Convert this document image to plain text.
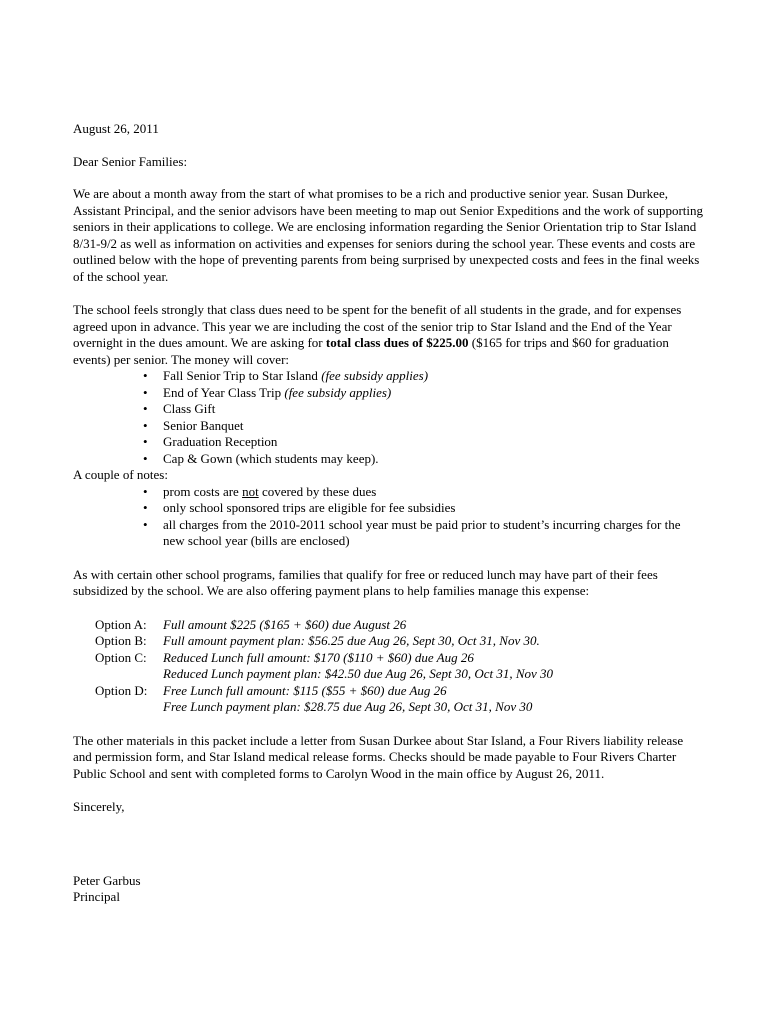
August 26, 2011

Dear Senior Families:

We are about a month away from the start of what promises to be a rich and productive senior year. Susan Durkee, Assistant Principal, and the senior advisors have been meeting to map out Senior Expeditions and the work of supporting seniors in their applications to college. We are enclosing information regarding the Senior Orientation trip to Star Island 8/31-9/2 as well as information on activities and expenses for seniors during the school year. These events and costs are outlined below with the hope of preventing parents from being surprised by unexpected costs and fees in the final weeks of the school year.

The school feels strongly that class dues need to be spent for the benefit of all students in the grade, and for expenses agreed upon in advance. This year we are including the cost of the senior trip to Star Island and the End of the Year overnight in the dues amount. We are asking for total class dues of $225.00 ($165 for trips and $60 for graduation events) per senior. The money will cover:

• Fall Senior Trip to Star Island (fee subsidy applies)
• End of Year Class Trip (fee subsidy applies)
• Class Gift
• Senior Banquet
• Graduation Reception
• Cap & Gown (which students may keep).

A couple of notes:

• prom costs are not covered by these dues
• only school sponsored trips are eligible for fee subsidies
• all charges from the 2010-2011 school year must be paid prior to student’s incurring charges for the new school year (bills are enclosed)

As with certain other school programs, families that qualify for free or reduced lunch may have part of their fees subsidized by the school. We are also offering payment plans to help families manage this expense:

Option A:	Full amount $225 ($165 + $60) due August 26
Option B:	Full amount payment plan: $56.25 due Aug 26, Sept 30, Oct 31, Nov 30.
Option C:	Reduced Lunch full amount: $170 ($110 + $60) due Aug 26
Reduced Lunch payment plan: $42.50 due Aug 26, Sept 30, Oct 31, Nov 30
Option D:	Free Lunch full amount: $115 ($55 + $60) due Aug 26
Free Lunch payment plan: $28.75 due Aug 26, Sept 30, Oct 31, Nov 30

The other materials in this packet include a letter from Susan Durkee about Star Island, a Four Rivers liability release and permission form, and Star Island medical release forms. Checks should be made payable to Four Rivers Charter Public School and sent with completed forms to Carolyn Wood in the main office by August 26, 2011.

Sincerely,

Peter Garbus

Principal
